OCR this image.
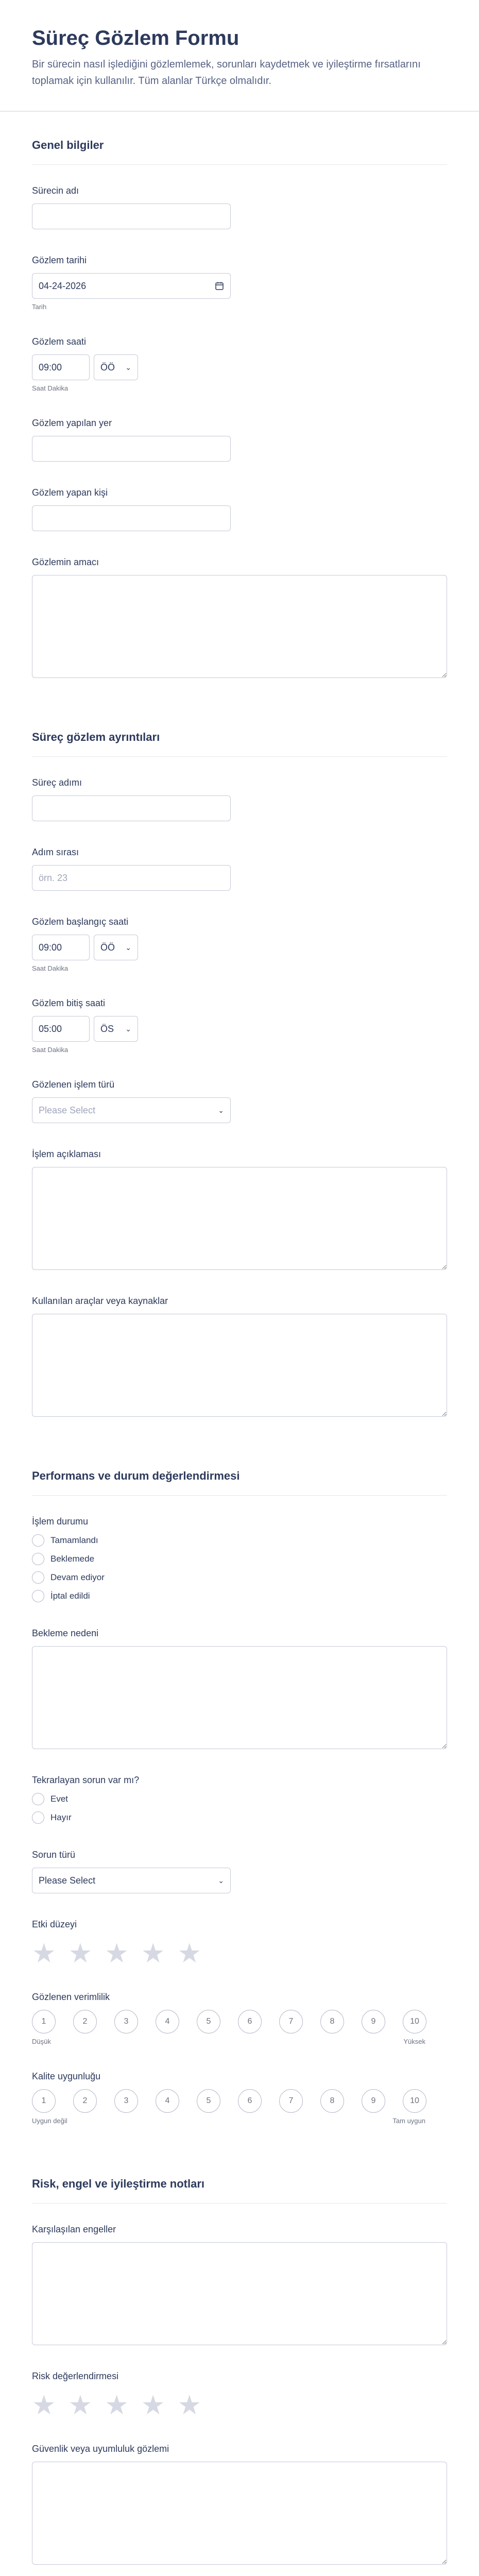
Süreç Gözlem Formu

Bir sürecin nasıl işlediğini gözlemlemek, sorunları kaydetmek ve iyileştirme fırsatlarını toplamak için kullanılır. Tüm alanlar Türkçe olmalıdır.

Genel bilgiler
Sürecin adı
Gözlem tarihi
04-24-2026
Tarih
Gözlem saati
09:00	ÖÖ ⌄
Saat Dakika
Gözlem yapılan yer
Gözlem yapan kişi
Gözlemin amacı
Süreç gözlem ayrıntıları
Süreç adımı
Adım sırası
örn. 23
Gözlem başlangıç saati
09:00	ÖÖ ⌄
Saat Dakika
Gözlem bitiş saati
05:00	ÖS ⌄
Saat Dakika
Gözlenen işlem türü
Please Select	⌄
İşlem açıklaması
Kullanılan araçlar veya kaynaklar
Performans ve durum değerlendirmesi
İşlem durumu
Tamamlandı
Beklemede
Devam ediyor
İptal edildi
Bekleme nedeni
Tekrarlayan sorun var mı?
Evet
Hayır
Sorun türü
Please Select	⌄
Etki düzeyi
★ ★ ★ ★ ★
Gözlenen verimlilik
1	2	3	4	5	6	7	8	9	10
Düşük	Yüksek
Kalite uygunluğu
1	2	3	4	5	6	7	8	9	10
Uygun değil	Tam uygun
Risk, engel ve iyileştirme notları
Karşılaşılan engeller
Risk değerlendirmesi
★ ★ ★ ★ ★
Güvenlik veya uyumluluk gözlemi
